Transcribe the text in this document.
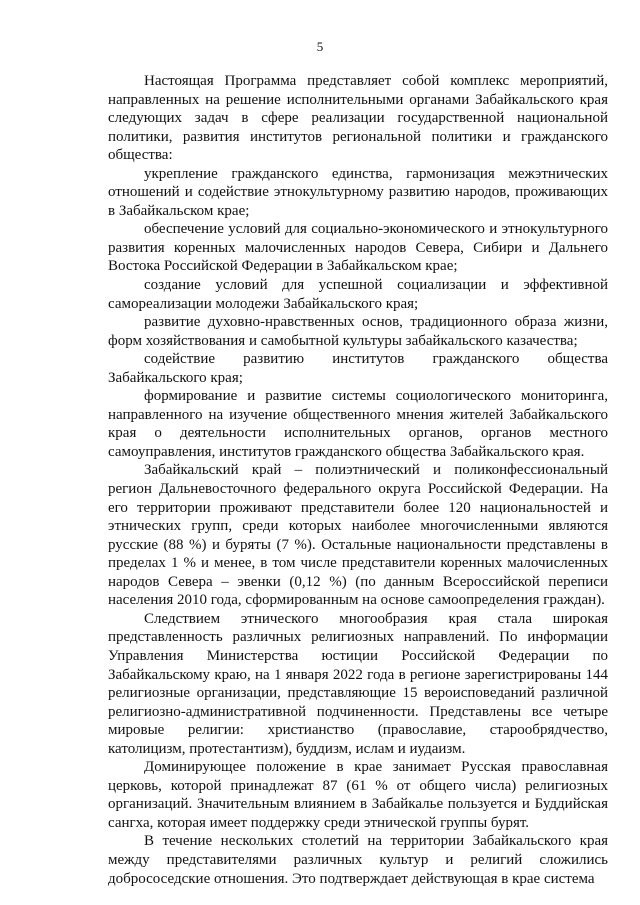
5

Настоящая Программа представляет собой комплекс мероприятий, направленных на решение исполнительными органами Забайкальского края следующих задач в сфере реализации государственной национальной политики, развития институтов региональной политики и гражданского общества:

укрепление гражданского единства, гармонизация межэтнических отношений и содействие этнокультурному развитию народов, проживающих в Забайкальском крае;

обеспечение условий для социально-экономического и этнокультурного развития коренных малочисленных народов Севера, Сибири и Дальнего Востока Российской Федерации в Забайкальском крае;

создание условий для успешной социализации и эффективной самореализации молодежи Забайкальского края;

развитие духовно-нравственных основ, традиционного образа жизни, форм хозяйствования и самобытной культуры забайкальского казачества;

содействие развитию институтов гражданского общества Забайкальского края;

формирование и развитие системы социологического мониторинга, направленного на изучение общественного мнения жителей Забайкальского края о деятельности исполнительных органов, органов местного самоуправления, институтов гражданского общества Забайкальского края.

Забайкальский край – полиэтнический и поликонфессиональный регион Дальневосточного федерального округа Российской Федерации. На его территории проживают представители более 120 национальностей и этнических групп, среди которых наиболее многочисленными являются русские (88 %) и буряты (7 %). Остальные национальности представлены в пределах 1 % и менее, в том числе представители коренных малочисленных народов Севера – эвенки (0,12 %) (по данным Всероссийской переписи населения 2010 года, сформированным на основе самоопределения граждан).

Следствием этнического многообразия края стала широкая представленность различных религиозных направлений. По информации Управления Министерства юстиции Российской Федерации по Забайкальскому краю, на 1 января 2022 года в регионе зарегистрированы 144 религиозные организации, представляющие 15 вероисповеданий различной религиозно-административной подчиненности. Представлены все четыре мировые религии: христианство (православие, старообрядчество, католицизм, протестантизм), буддизм, ислам и иудаизм.

Доминирующее положение в крае занимает Русская православная церковь, которой принадлежат 87 (61 % от общего числа) религиозных организаций. Значительным влиянием в Забайкалье пользуется и Буддийская сангха, которая имеет поддержку среди этнической группы бурят.

В течение нескольких столетий на территории Забайкальского края между представителями различных культур и религий сложились добрососедские отношения. Это подтверждает действующая в крае система
